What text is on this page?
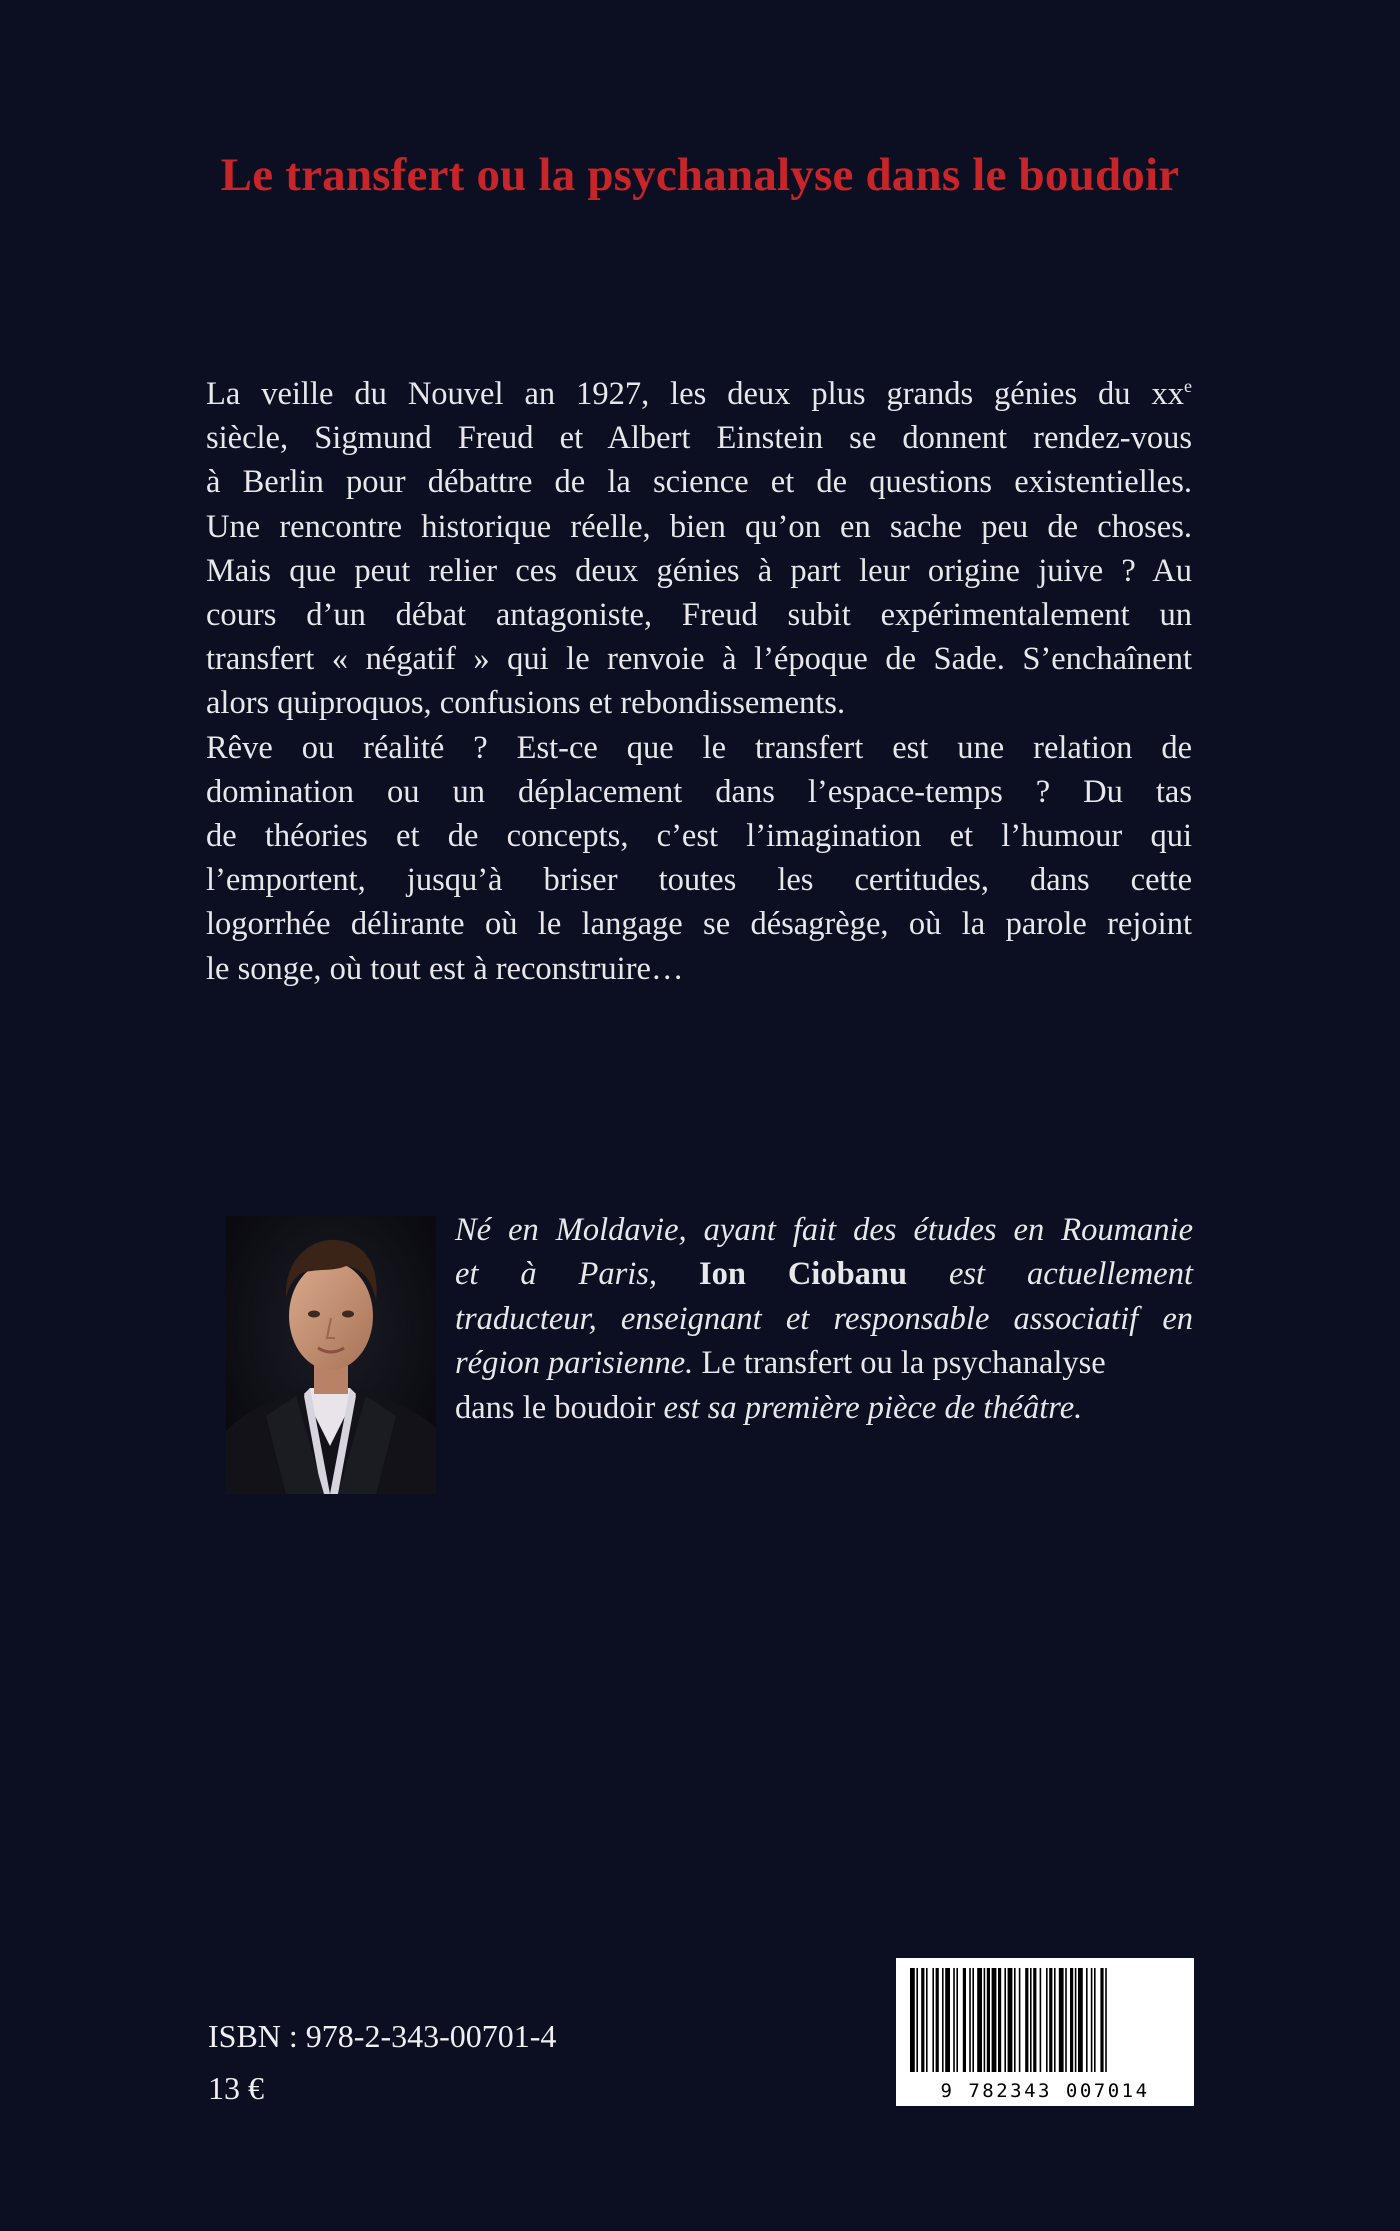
Le transfert ou la psychanalyse dans le boudoir
La veille du Nouvel an 1927, les deux plus grands génies du $xx^e$
siècle, Sigmund Freud et Albert Einstein se donnent rendez-vous
à Berlin pour débattre de la science et de questions existentielles.
Une rencontre historique réelle, bien qu’on en sache peu de choses.
Mais que peut relier ces deux génies à part leur origine juive ? Au
cours d’un débat antagoniste, Freud subit expérimentalement un
transfert « négatif » qui le renvoie à l’époque de Sade. S’enchaînent
alors quiproquos, confusions et rebondissements.
Rêve ou réalité ? Est-ce que le transfert est une relation de
domination ou un déplacement dans l’espace-temps ? Du tas
de théories et de concepts, c’est l’imagination et l’humour qui
l’emportent, jusqu’à briser toutes les certitudes, dans cette
logorrhée délirante où le langage se désagrège, où la parole rejoint
le songe, où tout est à reconstruire…
Né en Moldavie, ayant fait des études en Roumanie
et à Paris, Ion Ciobanu est actuellement
traducteur, enseignant et responsable associatif en
région parisienne. Le transfert ou la psychanalyse
dans le boudoir est sa première pièce de théâtre.
ISBN : 978-2-343-00701-4
13 €	9 782343 007014
